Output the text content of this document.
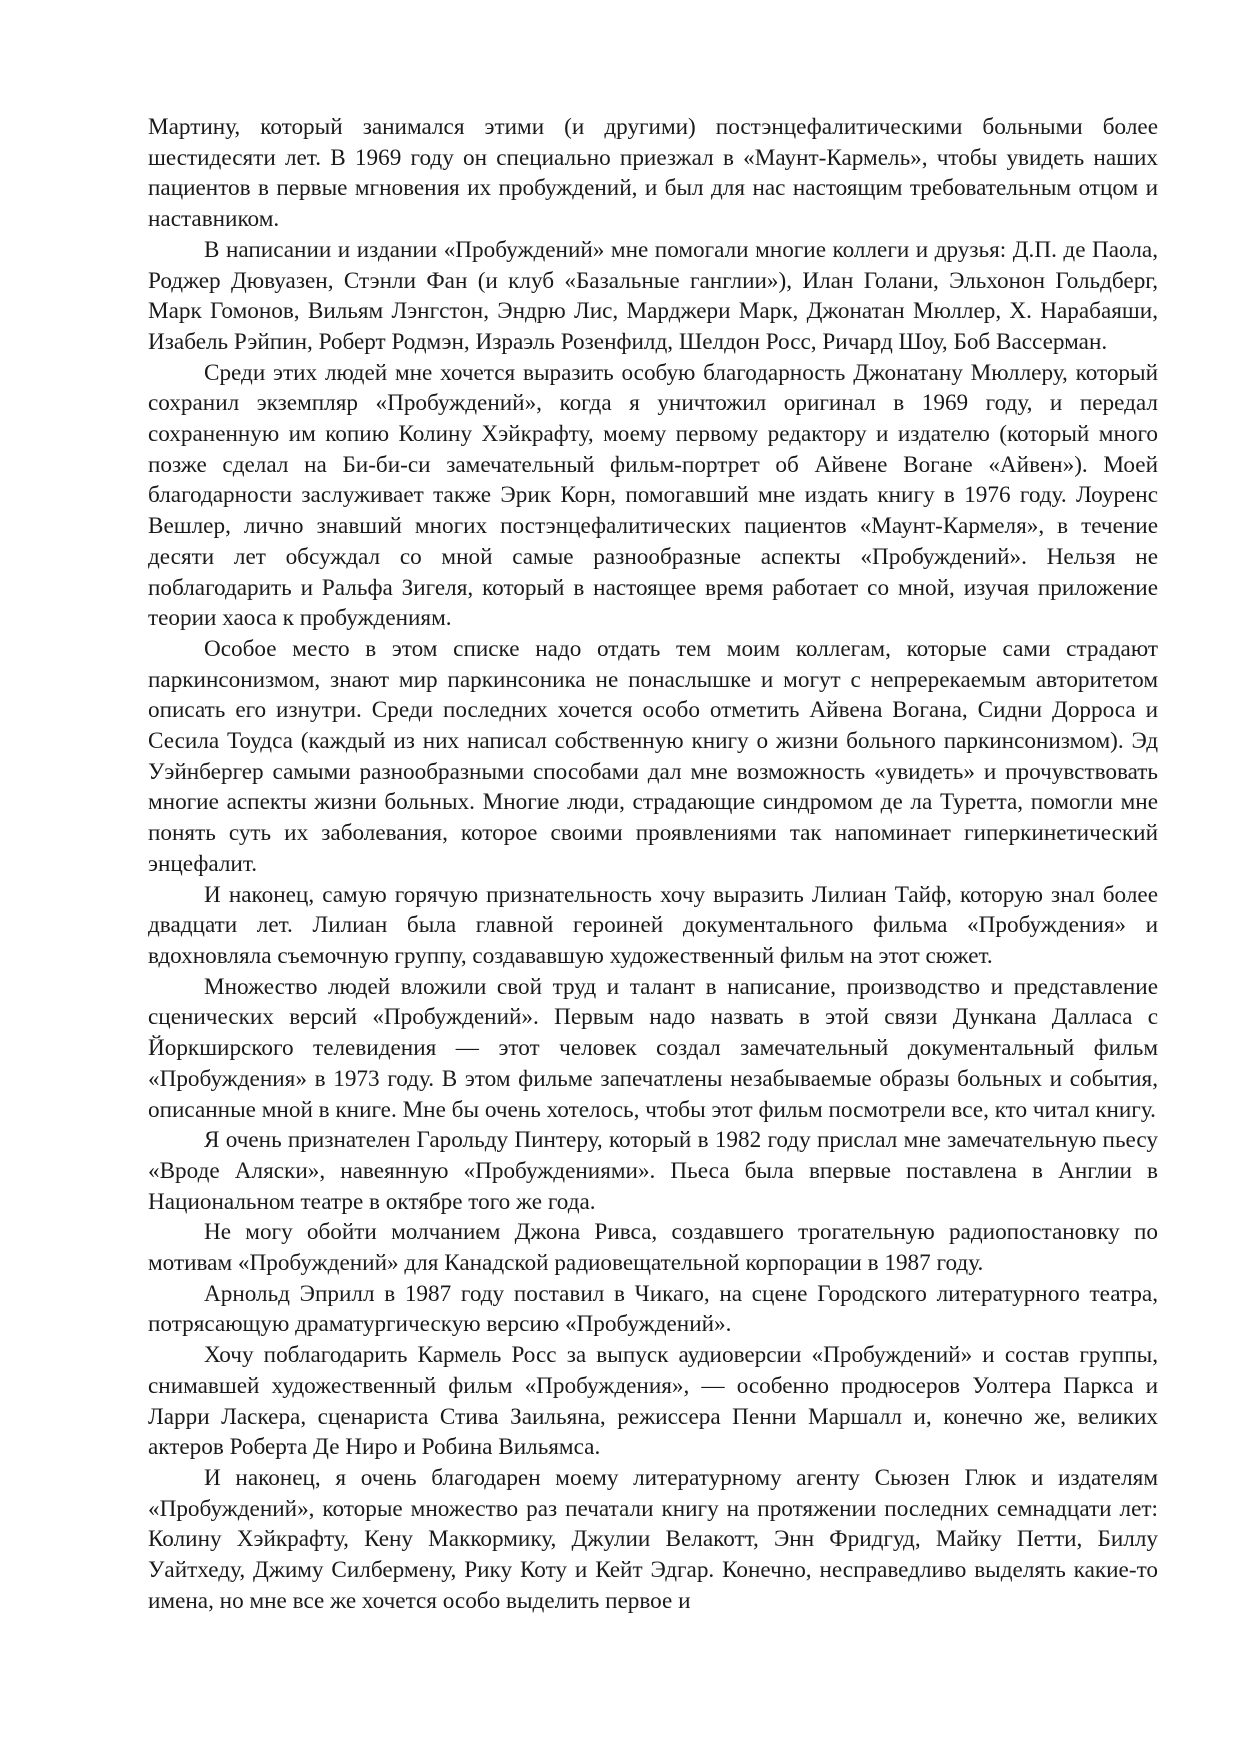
Мартину, который занимался этими (и другими) постэнцефалитическими больными более шестидесяти лет. В 1969 году он специально приезжал в «Маунт-Кармель», чтобы увидеть наших пациентов в первые мгновения их пробуждений, и был для нас настоящим требовательным отцом и наставником.

В написании и издании «Пробуждений» мне помогали многие коллеги и друзья: Д.П. де Паола, Роджер Дювуазен, Стэнли Фан (и клуб «Базальные ганглии»), Илан Голани, Эльхонон Гольдберг, Марк Гомонов, Вильям Лэнгстон, Эндрю Лис, Марджери Марк, Джонатан Мюллер, Х. Нарабаяши, Изабель Рэйпин, Роберт Родмэн, Израэль Розенфилд, Шелдон Росс, Ричард Шоу, Боб Вассерман.

Среди этих людей мне хочется выразить особую благодарность Джонатану Мюллеру, который сохранил экземпляр «Пробуждений», когда я уничтожил оригинал в 1969 году, и передал сохраненную им копию Колину Хэйкрафту, моему первому редактору и издателю (который много позже сделал на Би-би-си замечательный фильм-портрет об Айвене Вогане «Айвен»). Моей благодарности заслуживает также Эрик Корн, помогавший мне издать книгу в 1976 году. Лоуренс Вешлер, лично знавший многих постэнцефалитических пациентов «Маунт-Кармеля», в течение десяти лет обсуждал со мной самые разнообразные аспекты «Пробуждений». Нельзя не поблагодарить и Ральфа Зигеля, который в настоящее время работает со мной, изучая приложение теории хаоса к пробуждениям.

Особое место в этом списке надо отдать тем моим коллегам, которые сами страдают паркинсонизмом, знают мир паркинсоника не понаслышке и могут с непререкаемым авторитетом описать его изнутри. Среди последних хочется особо отметить Айвена Вогана, Сидни Дорроса и Сесила Тоудса (каждый из них написал собственную книгу о жизни больного паркинсонизмом). Эд Уэйнбергер самыми разнообразными способами дал мне возможность «увидеть» и прочувствовать многие аспекты жизни больных. Многие люди, страдающие синдромом де ла Туретта, помогли мне понять суть их заболевания, которое своими проявлениями так напоминает гиперкинетический энцефалит.

И наконец, самую горячую признательность хочу выразить Лилиан Тайф, которую знал более двадцати лет. Лилиан была главной героиней документального фильма «Пробуждения» и вдохновляла съемочную группу, создававшую художественный фильм на этот сюжет.

Множество людей вложили свой труд и талант в написание, производство и представление сценических версий «Пробуждений». Первым надо назвать в этой связи Дункана Далласа с Йоркширского телевидения — этот человек создал замечательный документальный фильм «Пробуждения» в 1973 году. В этом фильме запечатлены незабываемые образы больных и события, описанные мной в книге. Мне бы очень хотелось, чтобы этот фильм посмотрели все, кто читал книгу.

Я очень признателен Гарольду Пинтеру, который в 1982 году прислал мне замечательную пьесу «Вроде Аляски», навеянную «Пробуждениями». Пьеса была впервые поставлена в Англии в Национальном театре в октябре того же года.

Не могу обойти молчанием Джона Ривса, создавшего трогательную радиопостановку по мотивам «Пробуждений» для Канадской радиовещательной корпорации в 1987 году.

Арнольд Эприлл в 1987 году поставил в Чикаго, на сцене Городского литературного театра, потрясающую драматургическую версию «Пробуждений».

Хочу поблагодарить Кармель Росс за выпуск аудиоверсии «Пробуждений» и состав группы, снимавшей художественный фильм «Пробуждения», — особенно продюсеров Уолтера Паркса и Ларри Ласкера, сценариста Стива Заильяна, режиссера Пенни Маршалл и, конечно же, великих актеров Роберта Де Ниро и Робина Вильямса.

И наконец, я очень благодарен моему литературному агенту Сьюзен Глюк и издателям «Пробуждений», которые множество раз печатали книгу на протяжении последних семнадцати лет: Колину Хэйкрафту, Кену Маккормику, Джулии Велакотт, Энн Фридгуд, Майку Петти, Биллу Уайтхеду, Джиму Силбермену, Рику Коту и Кейт Эдгар. Конечно, несправедливо выделять какие-то имена, но мне все же хочется особо выделить первое и
